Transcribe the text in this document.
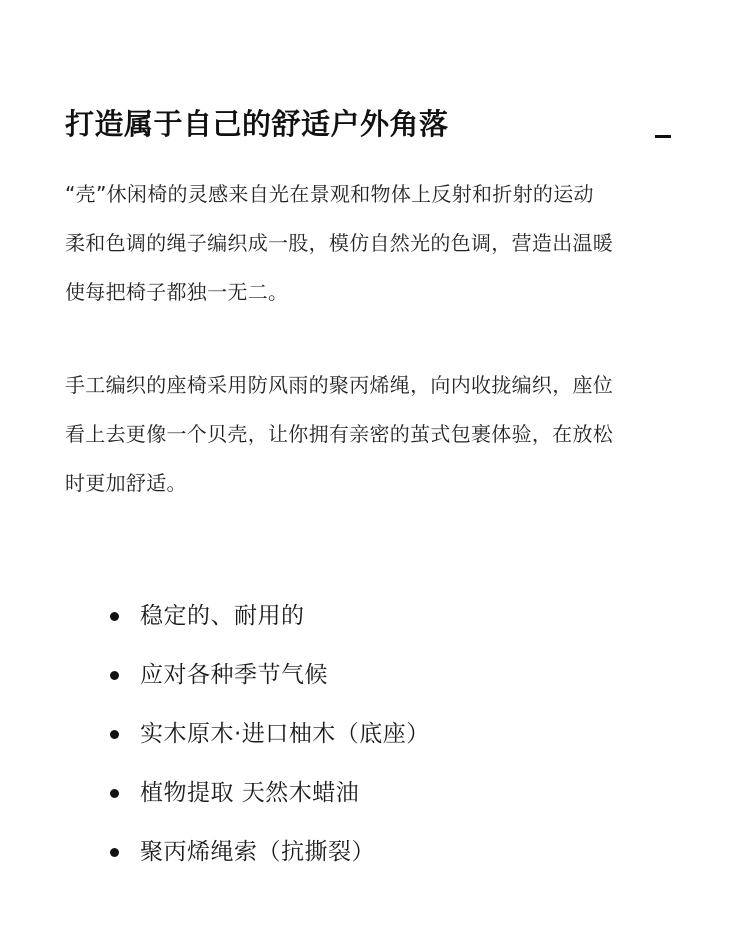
打造属于自己的舒适户外角落
“壳”休闲椅的灵感来自光在景观和物体上反射和折射的运动
柔和色调的绳子编织成一股，模仿自然光的色调，营造出温暖
使每把椅子都独一无二。
手工编织的座椅采用防风雨的聚丙烯绳，向内收拢编织，座位
看上去更像一个贝壳，让你拥有亲密的茧式包裹体验，在放松
时更加舒适。
稳定的、耐用的
应对各种季节气候
实木原木·进口柚木（底座）
植物提取 天然木蜡油
聚丙烯绳索（抗撕裂）
